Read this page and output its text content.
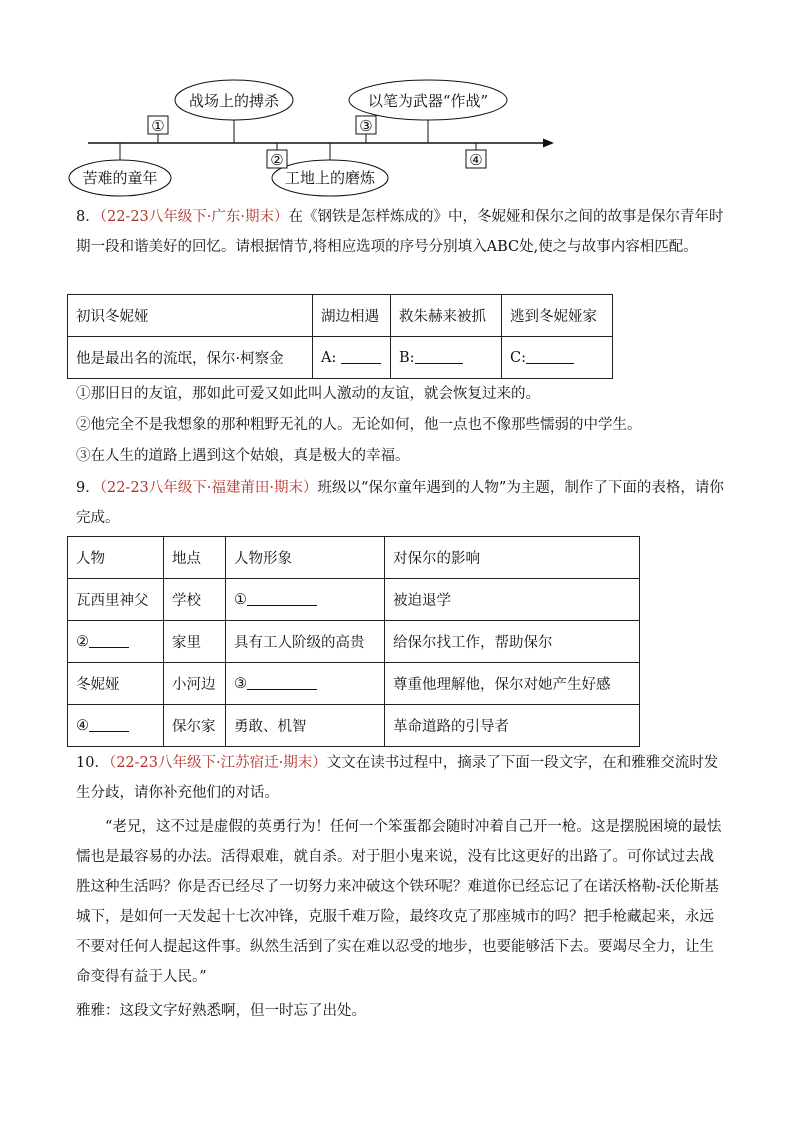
苦难的童年
战场上的搏杀
工地上的磨炼
以笔为武器“作战”
①
②
③
④

8．（22-23八年级下·广东·期末）在《钢铁是怎样炼成的》中，冬妮娅和保尔之间的故事是保尔青年时期一段和谐美好的回忆。请根据情节,将相应选项的序号分别填入ABC处,使之与故事内容相匹配。

初识冬妮娅	湖边相遇	救朱赫来被抓	逃到冬妮娅家
他是最出名的流氓，保尔·柯察金	A:	B:	C:
①那旧日的友谊，那如此可爱又如此叫人激动的友谊，就会恢复过来的。
②他完全不是我想象的那种粗野无礼的人。无论如何，他一点也不像那些懦弱的中学生。
③在人生的道路上遇到这个姑娘，真是极大的幸福。

9．（22-23八年级下·福建莆田·期末）班级以“保尔童年遇到的人物”为主题，制作了下面的表格，请你完成。

人物	地点	人物形象	对保尔的影响
瓦西里神父	学校	①	被迫退学
②	家里	具有工人阶级的高贵	给保尔找工作，帮助保尔
冬妮娅	小河边	③	尊重他理解他，保尔对她产生好感
④	保尔家	勇敢、机智	革命道路的引导者

10．（22-23八年级下·江苏宿迁·期末）文文在读书过程中，摘录了下面一段文字，在和雅雅交流时发生分歧，请你补充他们的对话。

“老兄，这不过是虚假的英勇行为！任何一个笨蛋都会随时冲着自己开一枪。这是摆脱困境的最怯懦也是最容易的办法。活得艰难，就自杀。对于胆小鬼来说，没有比这更好的出路了。可你试过去战胜这种生活吗？你是否已经尽了一切努力来冲破这个铁环呢？难道你已经忘记了在诺沃格勒-沃伦斯基城下，是如何一天发起十七次冲锋，克服千难万险，最终攻克了那座城市的吗？把手枪藏起来，永远不要对任何人提起这件事。纵然生活到了实在难以忍受的地步，也要能够活下去。要竭尽全力，让生命变得有益于人民。”

雅雅：这段文字好熟悉啊，但一时忘了出处。
